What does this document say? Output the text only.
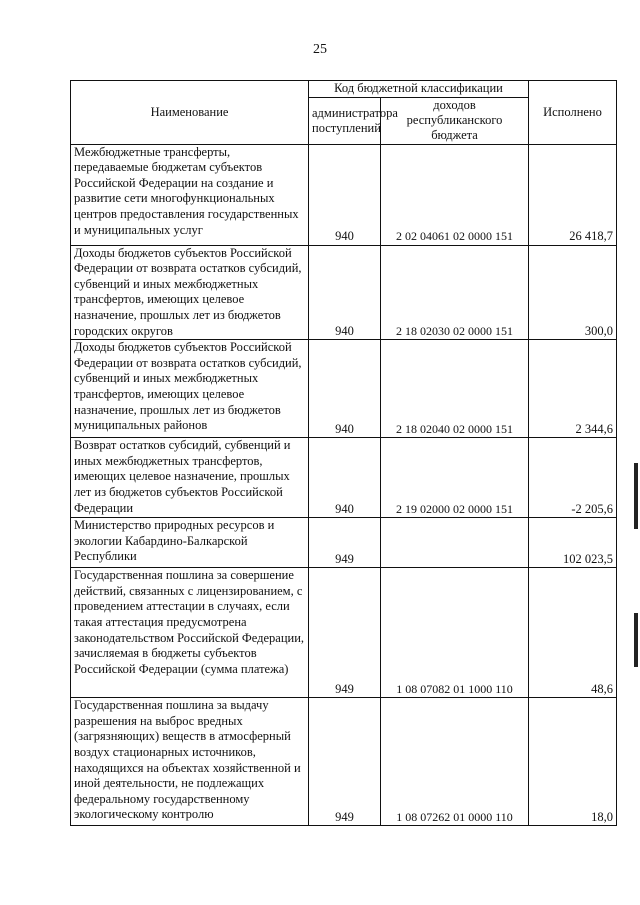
25
Наименование	Код бюджетной классификации		Исполнено
	администратора поступлений	доходов республиканского бюджета	
Межбюджетные трансферты, передаваемые бюджетам субъектов Российской Федерации на создание и развитие сети многофункциональных центров предоставления государственных и муниципальных услуг	940	2 02 04061 02 0000 151	26 418,7
Доходы бюджетов субъектов Российской Федерации от возврата остатков субсидий, субвенций и иных межбюджетных трансфертов, имеющих целевое назначение, прошлых лет из бюджетов городских округов	940	2 18 02030 02 0000 151	300,0
Доходы бюджетов субъектов Российской Федерации от возврата остатков субсидий, субвенций и иных межбюджетных трансфертов, имеющих целевое назначение, прошлых лет из бюджетов муниципальных районов	940	2 18 02040 02 0000 151	2 344,6
Возврат остатков субсидий, субвенций и иных межбюджетных трансфертов, имеющих целевое назначение, прошлых лет из бюджетов субъектов Российской Федерации	940	2 19 02000 02 0000 151	-2 205,6
Министерство природных ресурсов и экологии Кабардино-Балкарской Республики	949		102 023,5
Государственная пошлина за совершение действий, связанных с лицензированием, с проведением аттестации в случаях, если такая аттестация предусмотрена законодательством Российской Федерации, зачисляемая в бюджеты субъектов Российской Федерации (сумма платежа)	949	1 08 07082 01 1000 110	48,6
Государственная пошлина за выдачу разрешения на выброс вредных (загрязняющих) веществ в атмосферный воздух стационарных источников, находящихся на объектах хозяйственной и иной деятельности, не подлежащих федеральному государственному экологическому контролю	949	1 08 07262 01 0000 110	18,0
